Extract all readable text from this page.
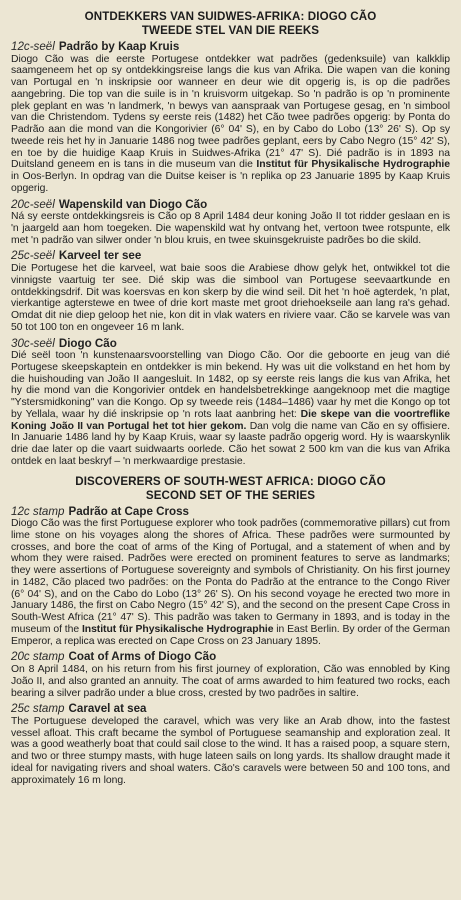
ONTDEKKERS VAN SUIDWES-AFRIKA: DIOGO CÃO
TWEEDE STEL VAN DIE REEKS
12c-seël Padrão by Kaap Kruis

Diogo Cão was die eerste Portugese ontdekker wat padrões (gedenksuile) van kalkklip saamgeneem het op sy ontdekkingsreise langs die kus van Afrika. Die wapen van die koning van Portugal en 'n inskripsie oor wanneer en deur wie dit opgerig is, is op die padrões aangebring. Die top van die suile is in 'n kruisvorm uitgekap. So 'n padrão is op 'n prominente plek geplant en was 'n landmerk, 'n bewys van aanspraak van Portugese gesag, en 'n simbool van die Christendom. Tydens sy eerste reis (1482) het Cão twee padrões opgerig: by Ponta do Padrão aan die mond van die Kongorivier (6° 04' S), en by Cabo do Lobo (13° 26' S). Op sy tweede reis het hy in Januarie 1486 nog twee padrões geplant, eers by Cabo Negro (15° 42' S), en toe by die huidige Kaap Kruis in Suidwes-Afrika (21° 47' S). Dié padrão is in 1893 na Duitsland geneem en is tans in die museum van die Institut für Physikalische Hydrographie in Oos-Berlyn. In opdrag van die Duitse keiser is 'n replika op 23 Januarie 1895 by Kaap Kruis opgerig.

20c-seël Wapenskild van Diogo Cão

Ná sy eerste ontdekkingsreis is Cão op 8 April 1484 deur koning João II tot ridder geslaan en is 'n jaargeld aan hom toegeken. Die wapenskild wat hy ontvang het, vertoon twee rotspunte, elk met 'n padrão van silwer onder 'n blou kruis, en twee skuinsgekruiste padrões bo die skild.

25c-seël Karveel ter see

Die Portugese het die karveel, wat baie soos die Arabiese dhow gelyk het, ontwikkel tot die vinnigste vaartuig ter see. Dié skip was die simbool van Portugese seevaartkunde en ontdekkingsdrif. Dit was koersvas en kon skerp by die wind seil. Dit het 'n hoë agterdek, 'n plat, vierkantige agterstewe en twee of drie kort maste met groot driehoekseile aan lang ra's gehad. Omdat dit nie diep geloop het nie, kon dit in vlak waters en riviere vaar. Cão se karvele was van 50 tot 100 ton en ongeveer 16 m lank.

30c-seël Diogo Cão

Dié seël toon 'n kunstenaarsvoorstelling van Diogo Cão. Oor die geboorte en jeug van dié Portugese skeepskaptein en ontdekker is min bekend. Hy was uit die volkstand en het hom by die huishouding van João II aangesluit. In 1482, op sy eerste reis langs die kus van Afrika, het hy die mond van die Kongorivier ontdek en handelsbetrekkinge aangeknoop met die magtige "Ystersmidkoning" van die Kongo. Op sy tweede reis (1484–1486) vaar hy met die Kongo op tot by Yellala, waar hy dié inskripsie op 'n rots laat aanbring het: Die skepe van die voortreflike Koning João II van Portugal het tot hier gekom. Dan volg die name van Cão en sy offisiere. In Januarie 1486 land hy by Kaap Kruis, waar sy laaste padrão opgerig word. Hy is waarskynlik drie dae later op die vaart suidwaarts oorlede. Cão het sowat 2 500 km van die kus van Afrika ontdek en laat beskryf – 'n merkwaardige prestasie.

DISCOVERERS OF SOUTH-WEST AFRICA: DIOGO CÃO
SECOND SET OF THE SERIES
12c stamp Padrão at Cape Cross

Diogo Cão was the first Portuguese explorer who took padrões (commemorative pillars) cut from lime stone on his voyages along the shores of Africa. These padrões were surmounted by crosses, and bore the coat of arms of the King of Portugal, and a statement of when and by whom they were raised. Padrões were erected on prominent features to serve as landmarks; they were assertions of Portuguese sovereignty and symbols of Christianity. On his first journey in 1482, Cão placed two padrões: on the Ponta do Padrão at the entrance to the Congo River (6° 04' S), and on the Cabo do Lobo (13° 26' S). On his second voyage he erected two more in January 1486, the first on Cabo Negro (15° 42' S), and the second on the present Cape Cross in South-West Africa (21° 47' S). This padrão was taken to Germany in 1893, and is today in the museum of the Institut für Physikalische Hydrographie in East Berlin. By order of the German Emperor, a replica was erected on Cape Cross on 23 January 1895.

20c stamp Coat of Arms of Diogo Cão

On 8 April 1484, on his return from his first journey of exploration, Cão was ennobled by King João II, and also granted an annuity. The coat of arms awarded to him featured two rocks, each bearing a silver padrão under a blue cross, crested by two padrões in saltire.

25c stamp Caravel at sea

The Portuguese developed the caravel, which was very like an Arab dhow, into the fastest vessel afloat. This craft became the symbol of Portuguese seamanship and exploration zeal. It was a good weatherly boat that could sail close to the wind. It has a raised poop, a square stern, and two or three stumpy masts, with huge lateen sails on long yards. Its shallow draught made it ideal for navigating rivers and shoal waters. Cão's caravels were between 50 and 100 tons, and approximately 16 m long.
